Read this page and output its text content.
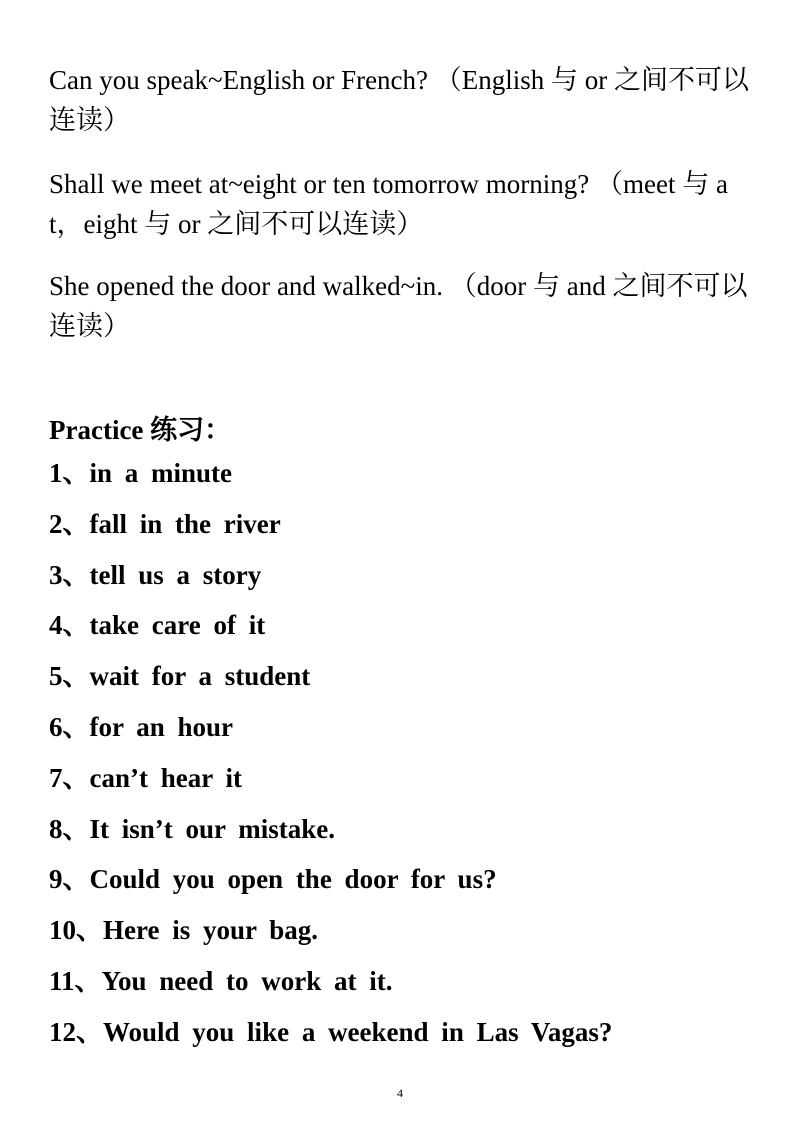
Can you speak~English or French? （English 与 or 之间不可以连读）

Shall we meet at~eight or ten tomorrow morning? （meet 与 at，eight 与 or 之间不可以连读）

She opened the door and walked~in. （door 与 and 之间不可以连读）

Practice 练习：
1、in a minute
2、fall in the river
3、tell us a story
4、take care of it
5、wait for a student
6、for an hour
7、can’t hear it
8、It isn’t our mistake.
9、Could you open the door for us?
10、Here is your bag.
11、You need to work at it.
12、Would you like a weekend in Las Vagas?
4
